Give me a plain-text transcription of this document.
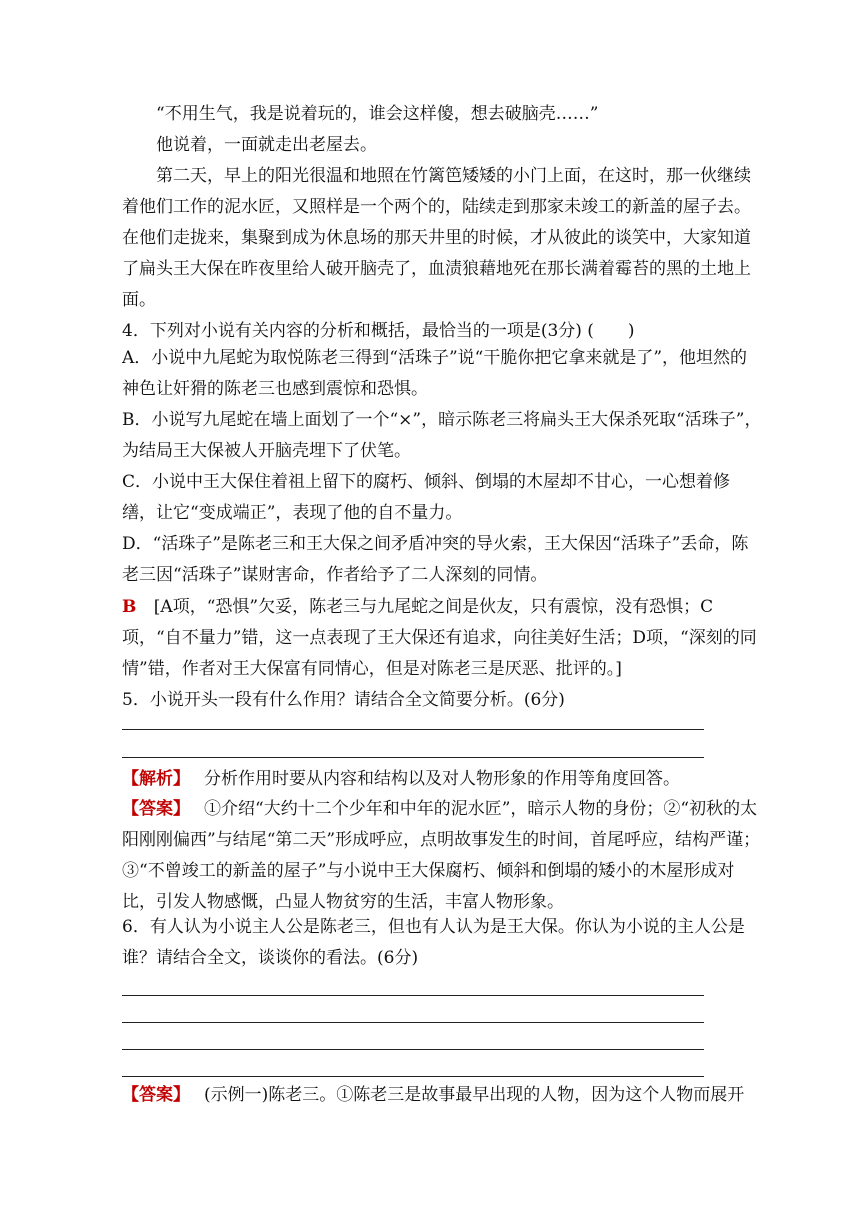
“不用生气，我是说着玩的，谁会这样傻，想去破脑壳……”

他说着，一面就走出老屋去。

第二天，早上的阳光很温和地照在竹篱笆矮矮的小门上面，在这时，那一伙继续着他们工作的泥水匠，又照样是一个两个的，陆续走到那家未竣工的新盖的屋子去。在他们走拢来，集聚到成为休息场的那天井里的时候，才从彼此的谈笑中，大家知道了扁头王大保在昨夜里给人破开脑壳了，血渍狼藉地死在那长满着霉苔的黑的土地上面。

4．下列对小说有关内容的分析和概括，最恰当的一项是(3分) (　　)

A．小说中九尾蛇为取悦陈老三得到“活珠子”说“干脆你把它拿来就是了”，他坦然的神色让奸猾的陈老三也感到震惊和恐惧。

B．小说写九尾蛇在墙上面划了一个“×”，暗示陈老三将扁头王大保杀死取“活珠子”，为结局王大保被人开脑壳埋下了伏笔。

C．小说中王大保住着祖上留下的腐朽、倾斜、倒塌的木屋却不甘心，一心想着修缮，让它“变成端正”，表现了他的自不量力。

D．“活珠子”是陈老三和王大保之间矛盾冲突的导火索，王大保因“活珠子”丢命，陈老三因“活珠子”谋财害命，作者给予了二人深刻的同情。

B [A项，“恐惧”欠妥，陈老三与九尾蛇之间是伙友，只有震惊，没有恐惧；C项，“自不量力”错，这一点表现了王大保还有追求，向往美好生活；D项，“深刻的同情”错，作者对王大保富有同情心，但是对陈老三是厌恶、批评的。]

5．小说开头一段有什么作用？请结合全文简要分析。(6分)

【解析】 分析作用时要从内容和结构以及对人物形象的作用等角度回答。

【答案】 ①介绍“大约十二个少年和中年的泥水匠”，暗示人物的身份；②“初秋的太阳刚刚偏西”与结尾“第二天”形成呼应，点明故事发生的时间，首尾呼应，结构严谨；③“不曾竣工的新盖的屋子”与小说中王大保腐朽、倾斜和倒塌的矮小的木屋形成对比，引发人物感慨，凸显人物贫穷的生活，丰富人物形象。

6．有人认为小说主人公是陈老三，但也有人认为是王大保。你认为小说的主人公是谁？请结合全文，谈谈你的看法。(6分)

【答案】 (示例一)陈老三。①陈老三是故事最早出现的人物，因为这个人物而展开
